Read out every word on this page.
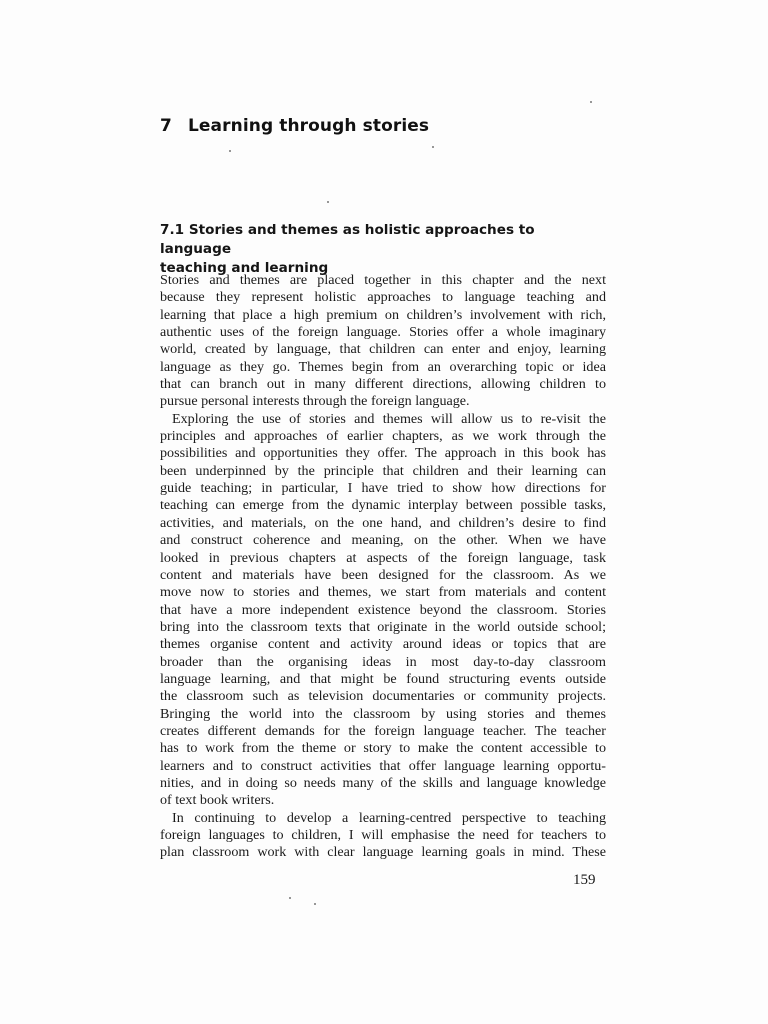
7 Learning through stories
7.1 Stories and themes as holistic approaches to language
teaching and learning
Stories and themes are placed together in this chapter and the next
because they represent holistic approaches to language teaching and
learning that place a high premium on children’s involvement with rich,
authentic uses of the foreign language. Stories offer a whole imaginary
world, created by language, that children can enter and enjoy, learning
language as they go. Themes begin from an overarching topic or idea
that can branch out in many different directions, allowing children to
pursue personal interests through the foreign language.
Exploring the use of stories and themes will allow us to re-visit the
principles and approaches of earlier chapters, as we work through the
possibilities and opportunities they offer. The approach in this book has
been underpinned by the principle that children and their learning can
guide teaching; in particular, I have tried to show how directions for
teaching can emerge from the dynamic interplay between possible tasks,
activities, and materials, on the one hand, and children’s desire to find
and construct coherence and meaning, on the other. When we have
looked in previous chapters at aspects of the foreign language, task
content and materials have been designed for the classroom. As we
move now to stories and themes, we start from materials and content
that have a more independent existence beyond the classroom. Stories
bring into the classroom texts that originate in the world outside school;
themes organise content and activity around ideas or topics that are
broader than the organising ideas in most day-to-day classroom
language learning, and that might be found structuring events outside
the classroom such as television documentaries or community projects.
Bringing the world into the classroom by using stories and themes
creates different demands for the foreign language teacher. The teacher
has to work from the theme or story to make the content accessible to
learners and to construct activities that offer language learning opportu-
nities, and in doing so needs many of the skills and language knowledge
of text book writers.
In continuing to develop a learning-centred perspective to teaching
foreign languages to children, I will emphasise the need for teachers to
plan classroom work with clear language learning goals in mind. These
159
